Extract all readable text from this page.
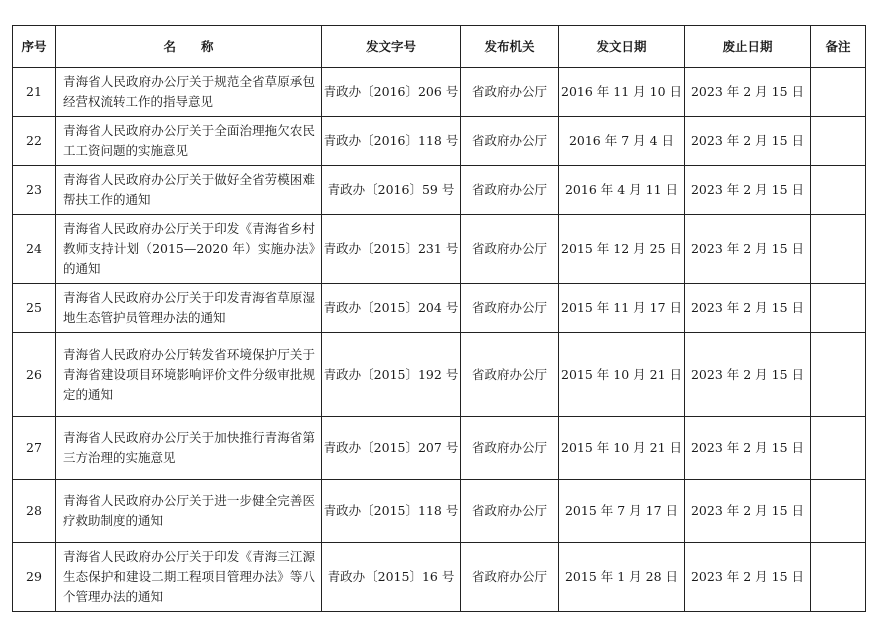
序号	名　　称	发文字号	发布机关	发文日期	废止日期	备注
21	青海省人民政府办公厅关于规范全省草原承包经营权流转工作的指导意见	青政办〔2016〕206 号	省政府办公厅	2016 年 11 月 10 日	2023 年 2 月 15 日	
22	青海省人民政府办公厅关于全面治理拖欠农民工工资问题的实施意见	青政办〔2016〕118 号	省政府办公厅	2016 年 7 月 4 日	2023 年 2 月 15 日	
23	青海省人民政府办公厅关于做好全省劳模困难帮扶工作的通知	青政办〔2016〕59 号	省政府办公厅	2016 年 4 月 11 日	2023 年 2 月 15 日	
24	青海省人民政府办公厅关于印发《青海省乡村教师支持计划（2015—2020 年）实施办法》的通知	青政办〔2015〕231 号	省政府办公厅	2015 年 12 月 25 日	2023 年 2 月 15 日	
25	青海省人民政府办公厅关于印发青海省草原湿地生态管护员管理办法的通知	青政办〔2015〕204 号	省政府办公厅	2015 年 11 月 17 日	2023 年 2 月 15 日	
26	青海省人民政府办公厅转发省环境保护厅关于青海省建设项目环境影响评价文件分级审批规定的通知	青政办〔2015〕192 号	省政府办公厅	2015 年 10 月 21 日	2023 年 2 月 15 日	
27	青海省人民政府办公厅关于加快推行青海省第三方治理的实施意见	青政办〔2015〕207 号	省政府办公厅	2015 年 10 月 21 日	2023 年 2 月 15 日	
28	青海省人民政府办公厅关于进一步健全完善医疗救助制度的通知	青政办〔2015〕118 号	省政府办公厅	2015 年 7 月 17 日	2023 年 2 月 15 日	
29	青海省人民政府办公厅关于印发《青海三江源生态保护和建设二期工程项目管理办法》等八个管理办法的通知	青政办〔2015〕16 号	省政府办公厅	2015 年 1 月 28 日	2023 年 2 月 15 日	
